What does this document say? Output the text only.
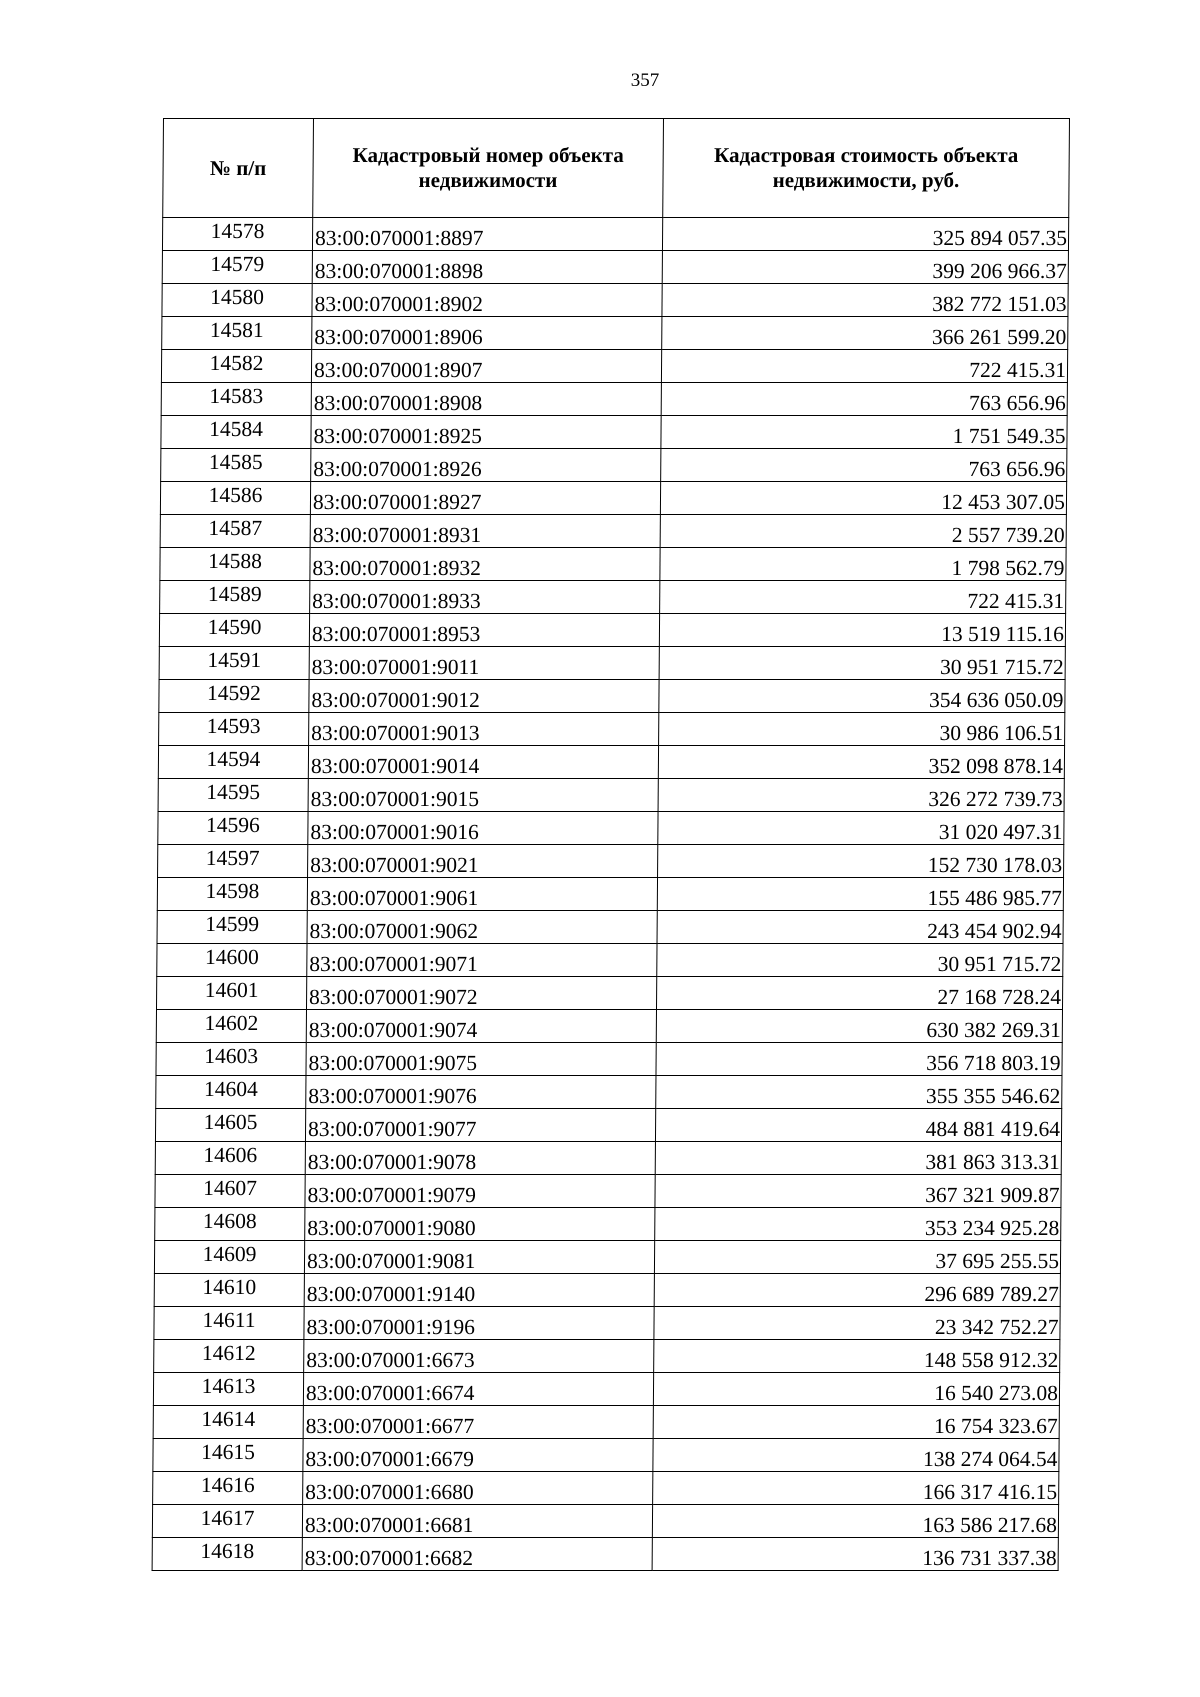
357
№ п/п	Кадастровый номер объекта недвижимости	Кадастровая стоимость объекта недвижимости, руб.
14578	83:00:070001:8897	325 894 057.35
14579	83:00:070001:8898	399 206 966.37
14580	83:00:070001:8902	382 772 151.03
14581	83:00:070001:8906	366 261 599.20
14582	83:00:070001:8907	722 415.31
14583	83:00:070001:8908	763 656.96
14584	83:00:070001:8925	1 751 549.35
14585	83:00:070001:8926	763 656.96
14586	83:00:070001:8927	12 453 307.05
14587	83:00:070001:8931	2 557 739.20
14588	83:00:070001:8932	1 798 562.79
14589	83:00:070001:8933	722 415.31
14590	83:00:070001:8953	13 519 115.16
14591	83:00:070001:9011	30 951 715.72
14592	83:00:070001:9012	354 636 050.09
14593	83:00:070001:9013	30 986 106.51
14594	83:00:070001:9014	352 098 878.14
14595	83:00:070001:9015	326 272 739.73
14596	83:00:070001:9016	31 020 497.31
14597	83:00:070001:9021	152 730 178.03
14598	83:00:070001:9061	155 486 985.77
14599	83:00:070001:9062	243 454 902.94
14600	83:00:070001:9071	30 951 715.72
14601	83:00:070001:9072	27 168 728.24
14602	83:00:070001:9074	630 382 269.31
14603	83:00:070001:9075	356 718 803.19
14604	83:00:070001:9076	355 355 546.62
14605	83:00:070001:9077	484 881 419.64
14606	83:00:070001:9078	381 863 313.31
14607	83:00:070001:9079	367 321 909.87
14608	83:00:070001:9080	353 234 925.28
14609	83:00:070001:9081	37 695 255.55
14610	83:00:070001:9140	296 689 789.27
14611	83:00:070001:9196	23 342 752.27
14612	83:00:070001:6673	148 558 912.32
14613	83:00:070001:6674	16 540 273.08
14614	83:00:070001:6677	16 754 323.67
14615	83:00:070001:6679	138 274 064.54
14616	83:00:070001:6680	166 317 416.15
14617	83:00:070001:6681	163 586 217.68
14618	83:00:070001:6682	136 731 337.38
